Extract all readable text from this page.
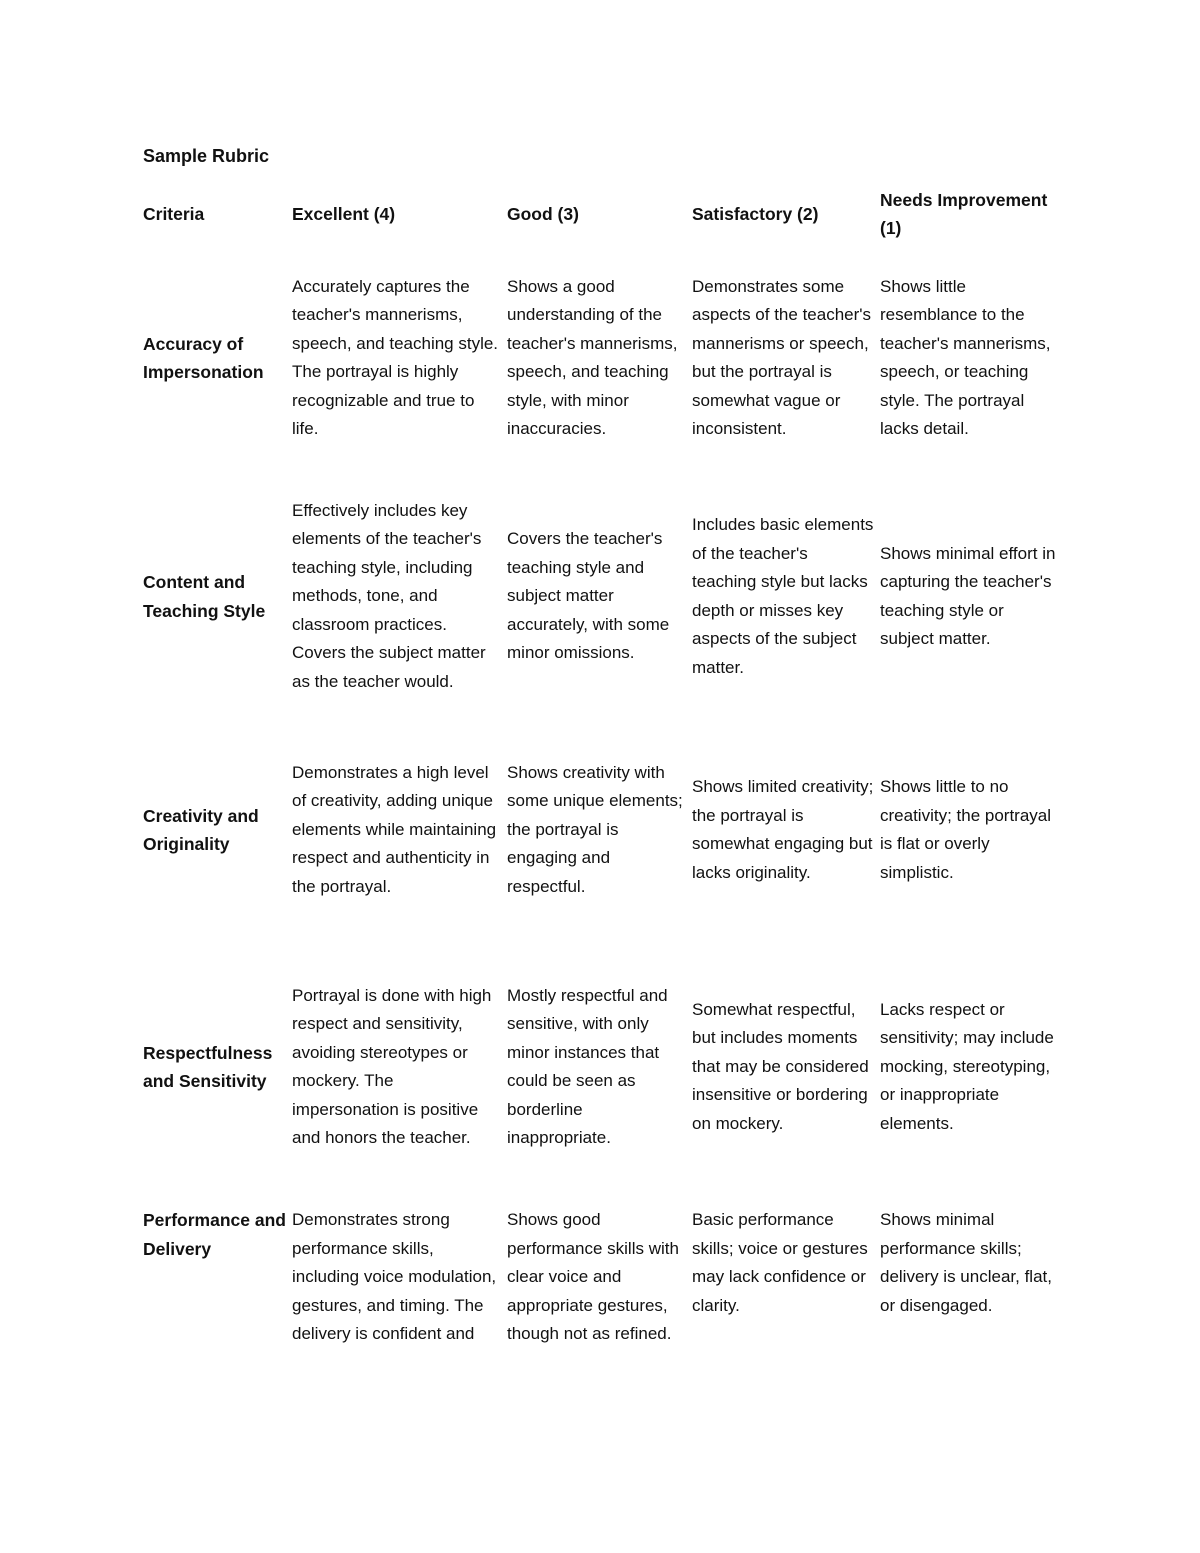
Sample Rubric
Criteria	Excellent (4)	Good (3)	Satisfactory (2)	Needs Improvement (1)
Accuracy of Impersonation	Accurately captures the teacher's mannerisms, speech, and teaching style. The portrayal is highly recognizable and true to life.	Shows a good understanding of the teacher's mannerisms, speech, and teaching style, with minor inaccuracies.	Demonstrates some aspects of the teacher's mannerisms or speech, but the portrayal is somewhat vague or inconsistent.	Shows little resemblance to the teacher's mannerisms, speech, or teaching style. The portrayal lacks detail.

Content and Teaching Style	Effectively includes key elements of the teacher's teaching style, including methods, tone, and classroom practices. Covers the subject matter as the teacher would.	Covers the teacher's teaching style and subject matter accurately, with some minor omissions.	Includes basic elements of the teacher's teaching style but lacks depth or misses key aspects of the subject matter.	Shows minimal effort in capturing the teacher's teaching style or subject matter.

Creativity and Originality	Demonstrates a high level of creativity, adding unique elements while maintaining respect and authenticity in the portrayal.	Shows creativity with some unique elements; the portrayal is engaging and respectful.	Shows limited creativity; the portrayal is somewhat engaging but lacks originality.	Shows little to no creativity; the portrayal is flat or overly simplistic.

Respectfulness and Sensitivity	Portrayal is done with high respect and sensitivity, avoiding stereotypes or mockery. The impersonation is positive and honors the teacher.	Mostly respectful and sensitive, with only minor instances that could be seen as borderline inappropriate.	Somewhat respectful, but includes moments that may be considered insensitive or bordering on mockery.	Lacks respect or sensitivity; may include mocking, stereotyping, or inappropriate elements.

Performance and Delivery	Demonstrates strong performance skills, including voice modulation, gestures, and timing. The delivery is confident and	Shows good performance skills with clear voice and appropriate gestures, though not as refined.	Basic performance skills; voice or gestures may lack confidence or clarity.	Shows minimal performance skills; delivery is unclear, flat, or disengaged.
